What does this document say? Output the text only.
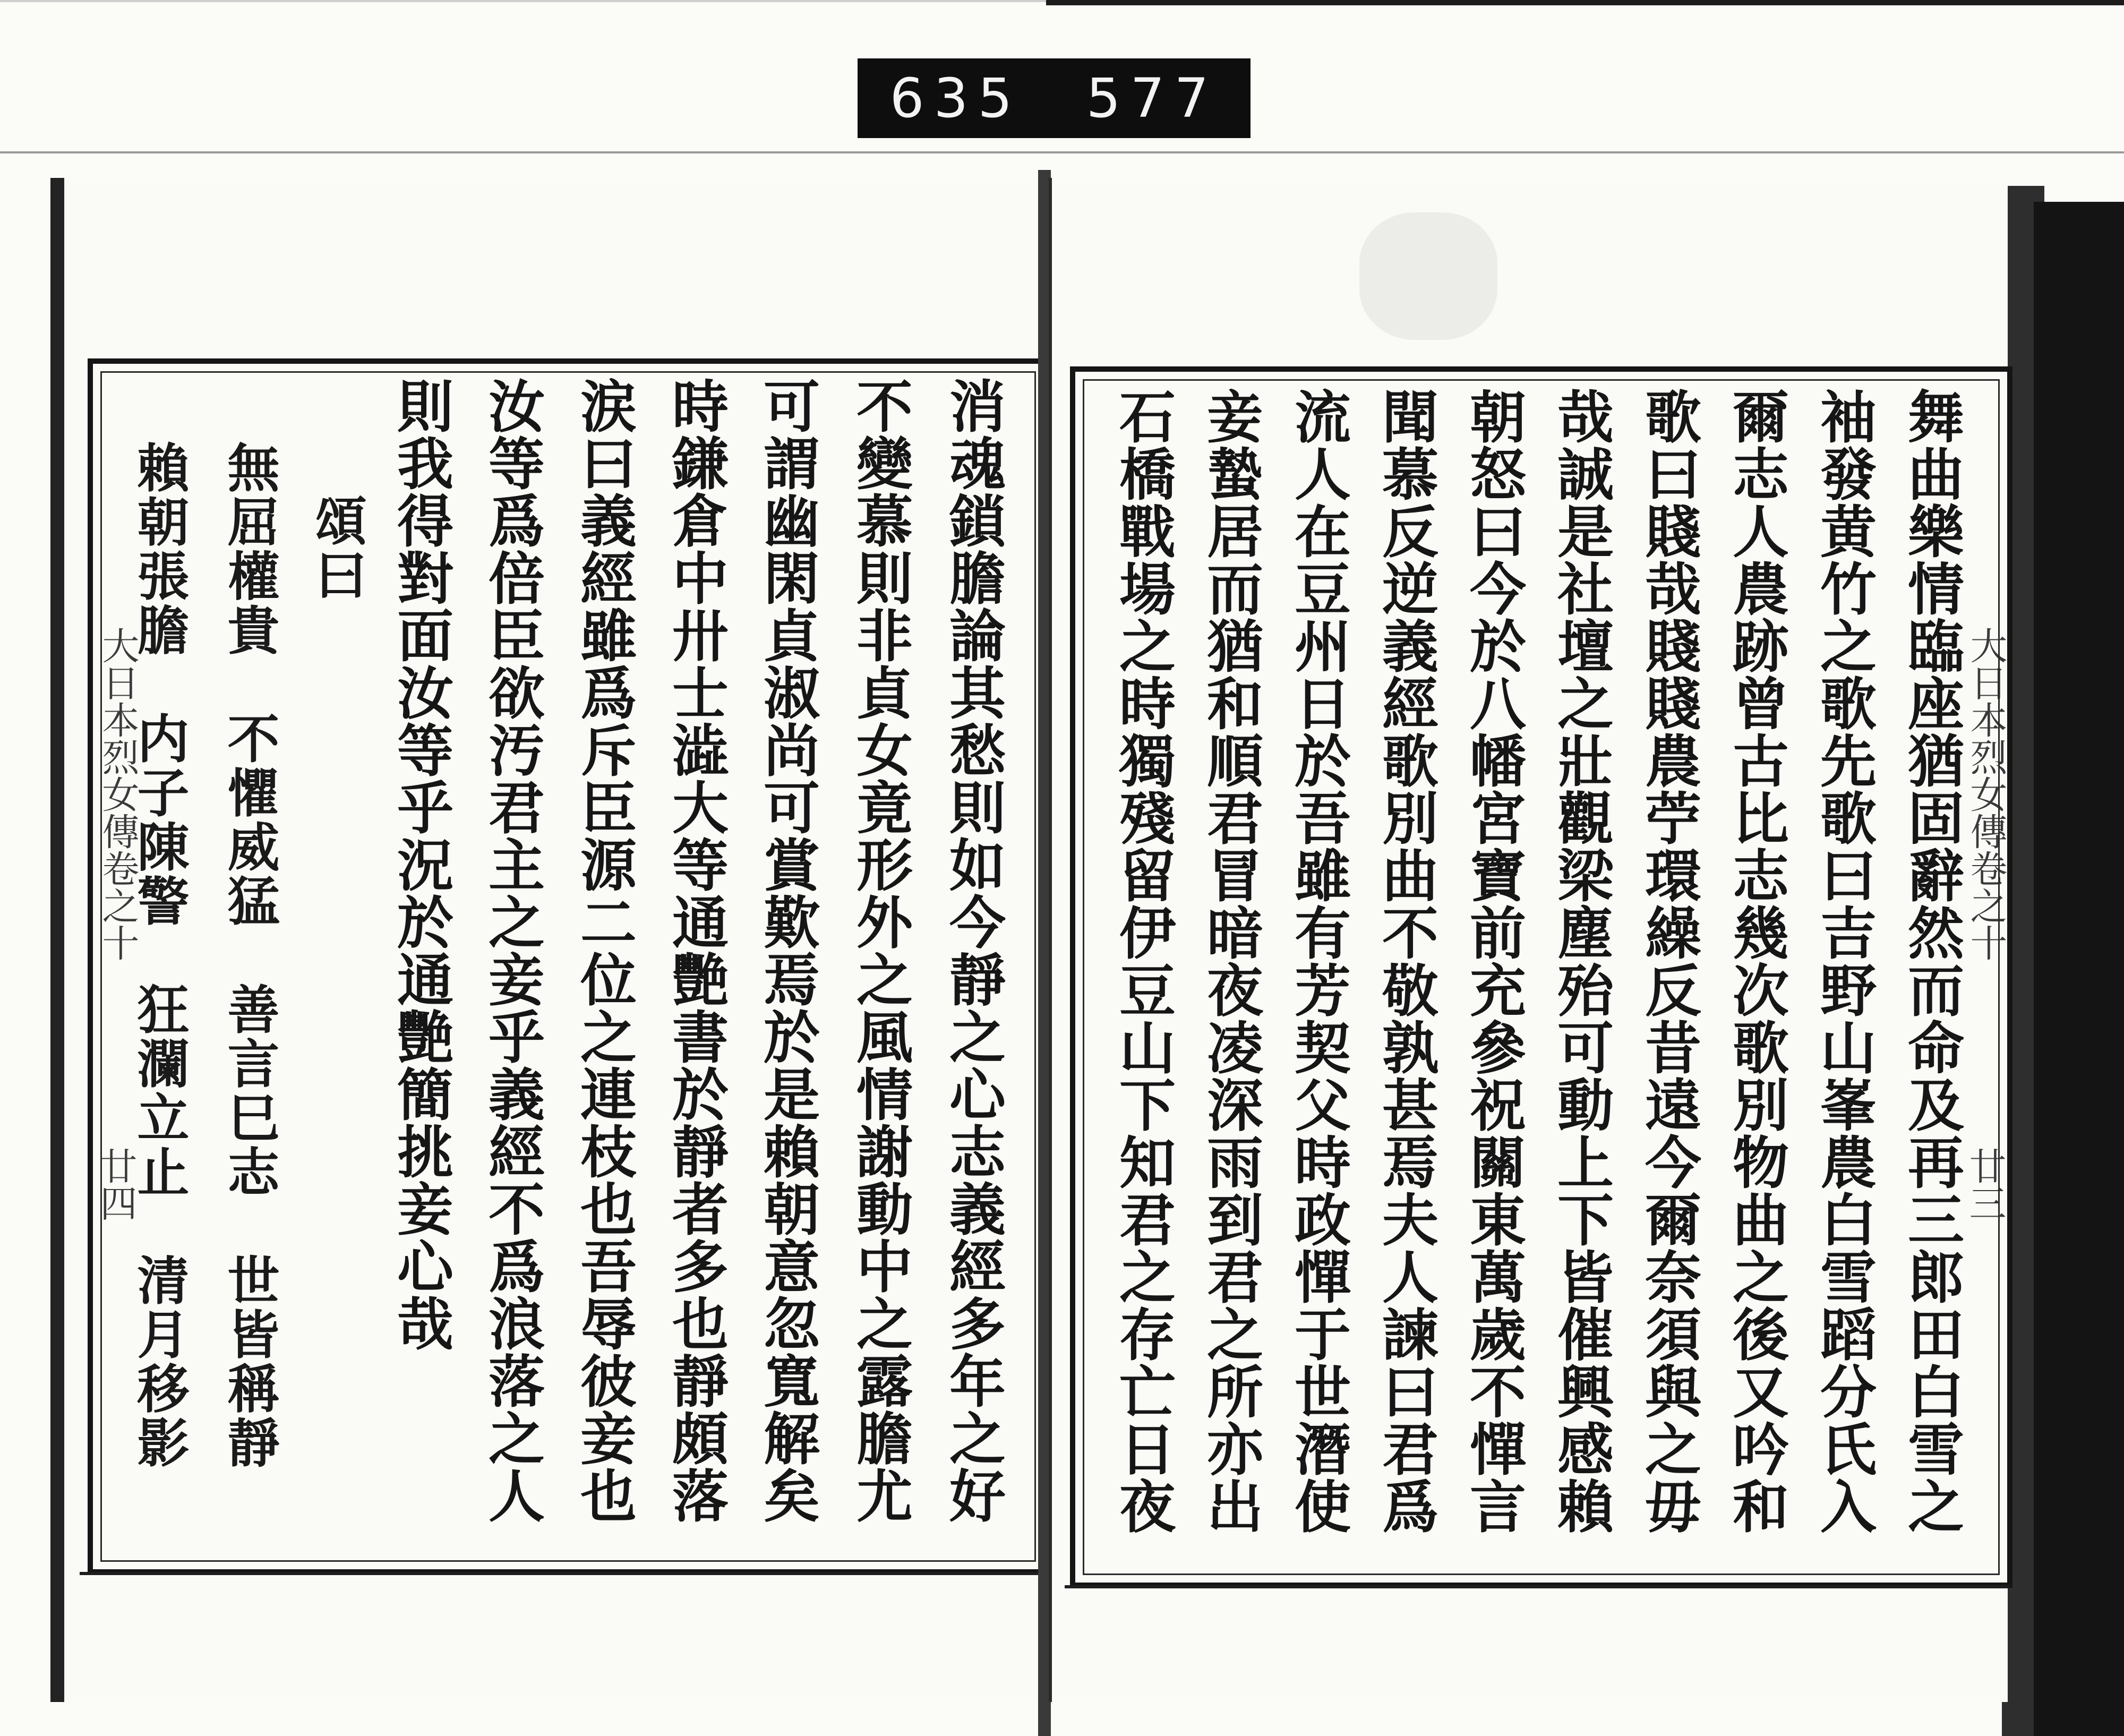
635 577
大日本烈女傳卷之十
廿四	消魂鎖膽論其愁則如今靜之心志義經多年之好
不變慕則非貞女竟形外之風情謝動中之露膽尤
可謂幽閑貞淑尚可賞歎焉於是賴朝意忽寬解矣
時鎌倉中卅士澁大等通艷書於靜者多也靜頗落
涙曰義經雖爲斥臣源二位之連枝也吾辱彼妾也
汝等爲倍臣欲汚君主之妾乎義經不爲浪落之人
則我得對面汝等乎況於通艷簡挑妾心哉
頌曰
無屈權貴　不懼威猛　善言巳志　世皆稱靜
賴朝張膽　内子陳警　狂瀾立止　清月移影	大日本烈女傳卷之十
廿三
舞曲樂情臨座猶固辭然而命及再三郎田白雪之
袖發黄竹之歌先歌曰吉野山峯農白雪蹈分氏入
爾志人農跡曾古比志幾次歌別物曲之後又吟和
歌曰賤哉賤賤農苧環繰反昔遠今爾奈須與之毋
哉誠是社壇之壯觀梁塵殆可動上下皆催興感賴
朝怒曰今於八幡宮寶前充參祝關東萬歲不憚言
聞慕反逆義經歌別曲不敬孰甚焉夫人諫曰君爲
流人在豆州日於吾雖有芳契父時政憚于世潛使
妾蟄居而猶和順君冒暗夜凌深雨到君之所亦出
石橋戰場之時獨殘留伊豆山下知君之存亡日夜
